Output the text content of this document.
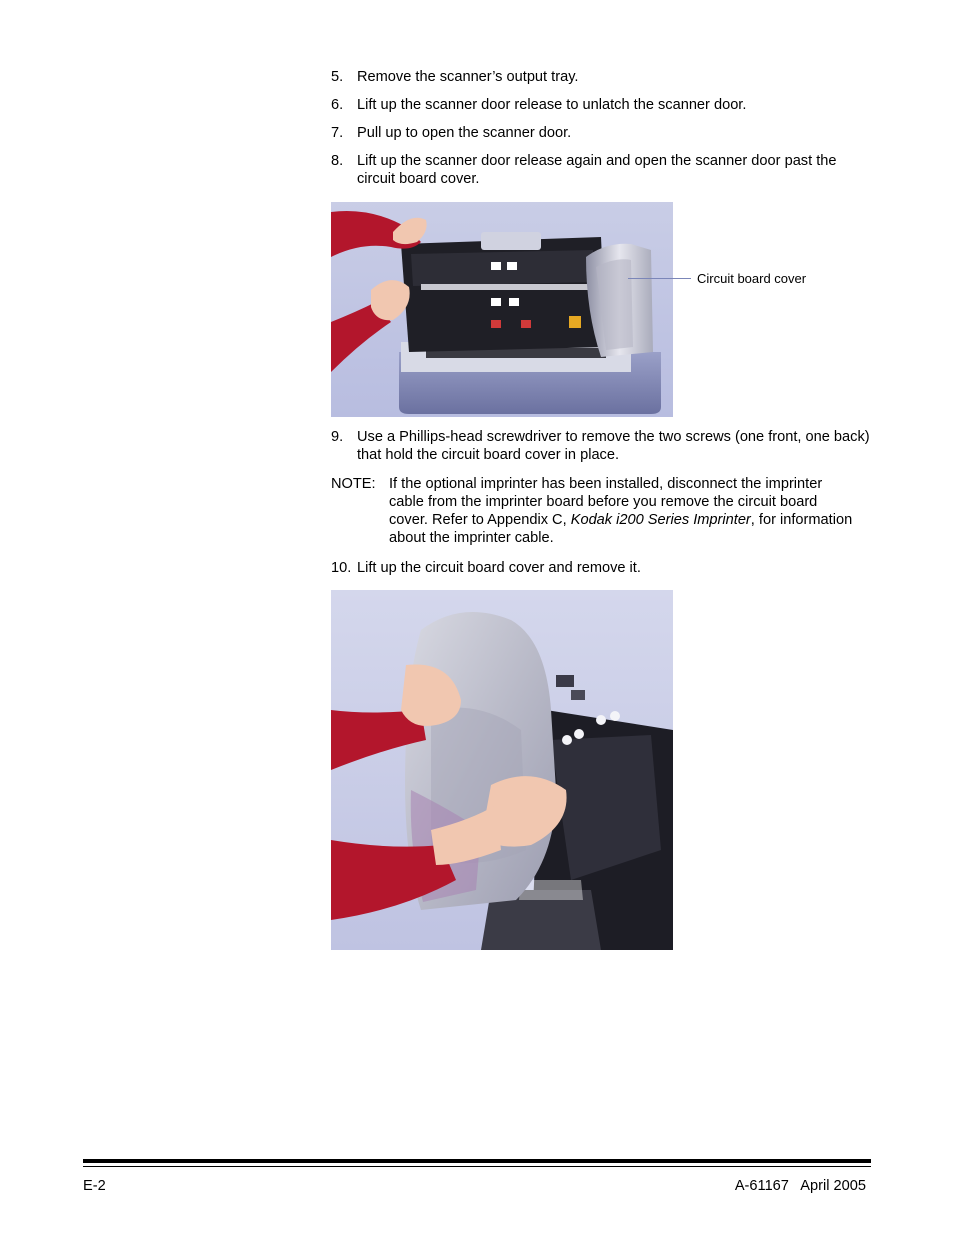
5. Remove the scanner’s output tray.
6. Lift up the scanner door release to unlatch the scanner door.
7. Pull up to open the scanner door.
8. Lift up the scanner door release again and open the scanner door past the circuit board cover.
Circuit board cover
9. Use a Phillips-head screwdriver to remove the two screws (one front, one back) that hold the circuit board cover in place.
NOTE: If the optional imprinter has been installed, disconnect the imprinter cable from the imprinter board before you remove the circuit board cover. Refer to Appendix C, Kodak i200 Series Imprinter, for information about the imprinter cable.
10. Lift up the circuit board cover and remove it.
E-2	A-61167   April 2005
